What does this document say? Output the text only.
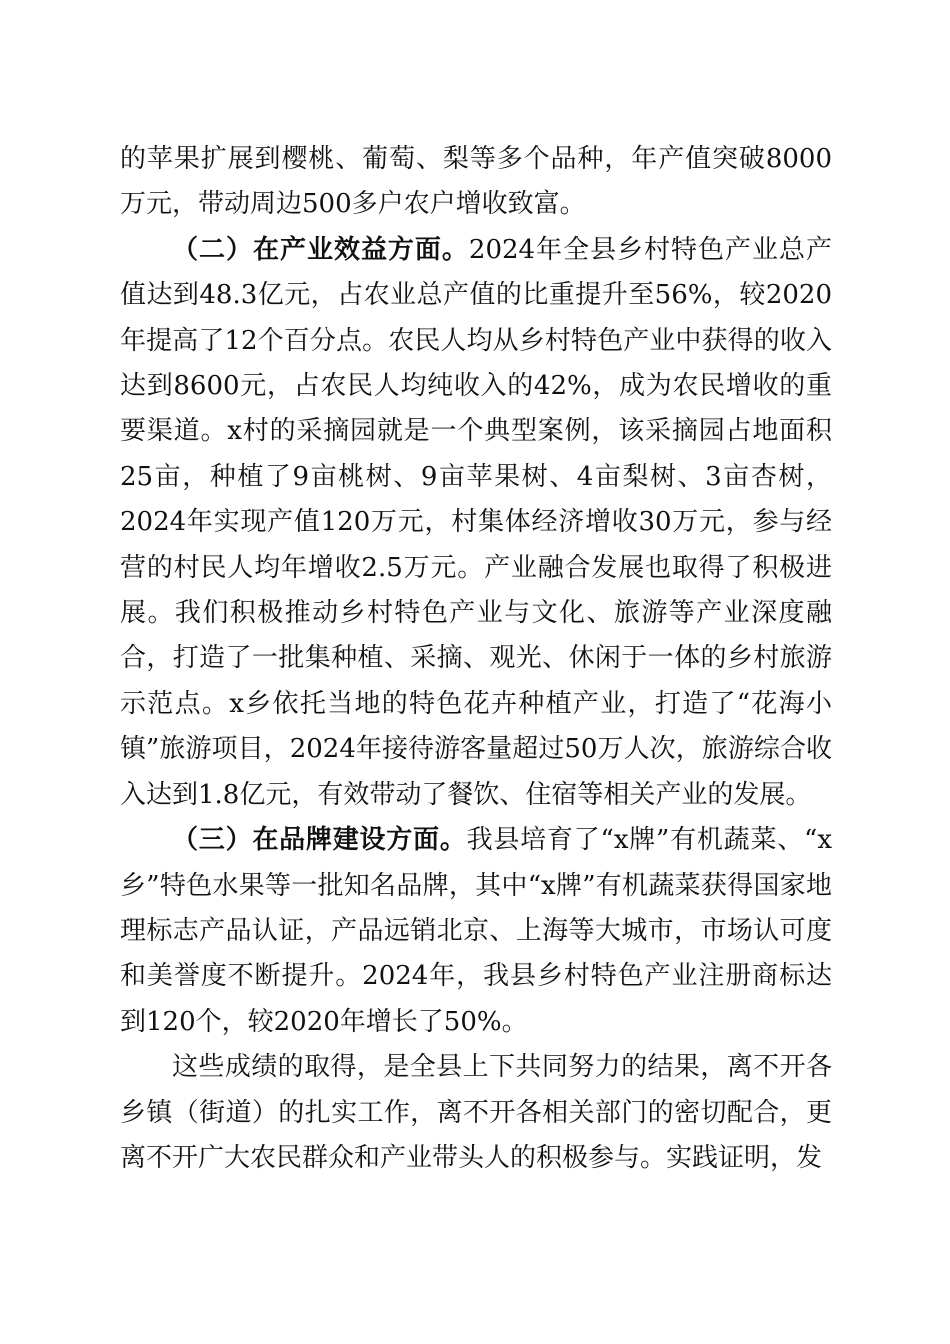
的苹果扩展到樱桃、葡萄、梨等多个品种，年产值突破8000万元，带动周边500多户农户增收致富。

（二）在产业效益方面。2024年全县乡村特色产业总产值达到48.3亿元，占农业总产值的比重提升至56%，较2020年提高了12个百分点。农民人均从乡村特色产业中获得的收入达到8600元，占农民人均纯收入的42%，成为农民增收的重要渠道。x村的采摘园就是一个典型案例，该采摘园占地面积25亩，种植了9亩桃树、9亩苹果树、4亩梨树、3亩杏树，2024年实现产值120万元，村集体经济增收30万元，参与经营的村民人均年增收2.5万元。产业融合发展也取得了积极进展。我们积极推动乡村特色产业与文化、旅游等产业深度融合，打造了一批集种植、采摘、观光、休闲于一体的乡村旅游示范点。x乡依托当地的特色花卉种植产业，打造了“花海小镇”旅游项目，2024年接待游客量超过50万人次，旅游综合收入达到1.8亿元，有效带动了餐饮、住宿等相关产业的发展。

（三）在品牌建设方面。我县培育了“x牌”有机蔬菜、“x乡”特色水果等一批知名品牌，其中“x牌”有机蔬菜获得国家地理标志产品认证，产品远销北京、上海等大城市，市场认可度和美誉度不断提升。2024年，我县乡村特色产业注册商标达到120个，较2020年增长了50%。

这些成绩的取得，是全县上下共同努力的结果，离不开各乡镇（街道）的扎实工作，离不开各相关部门的密切配合，更离不开广大农民群众和产业带头人的积极参与。实践证明，发
